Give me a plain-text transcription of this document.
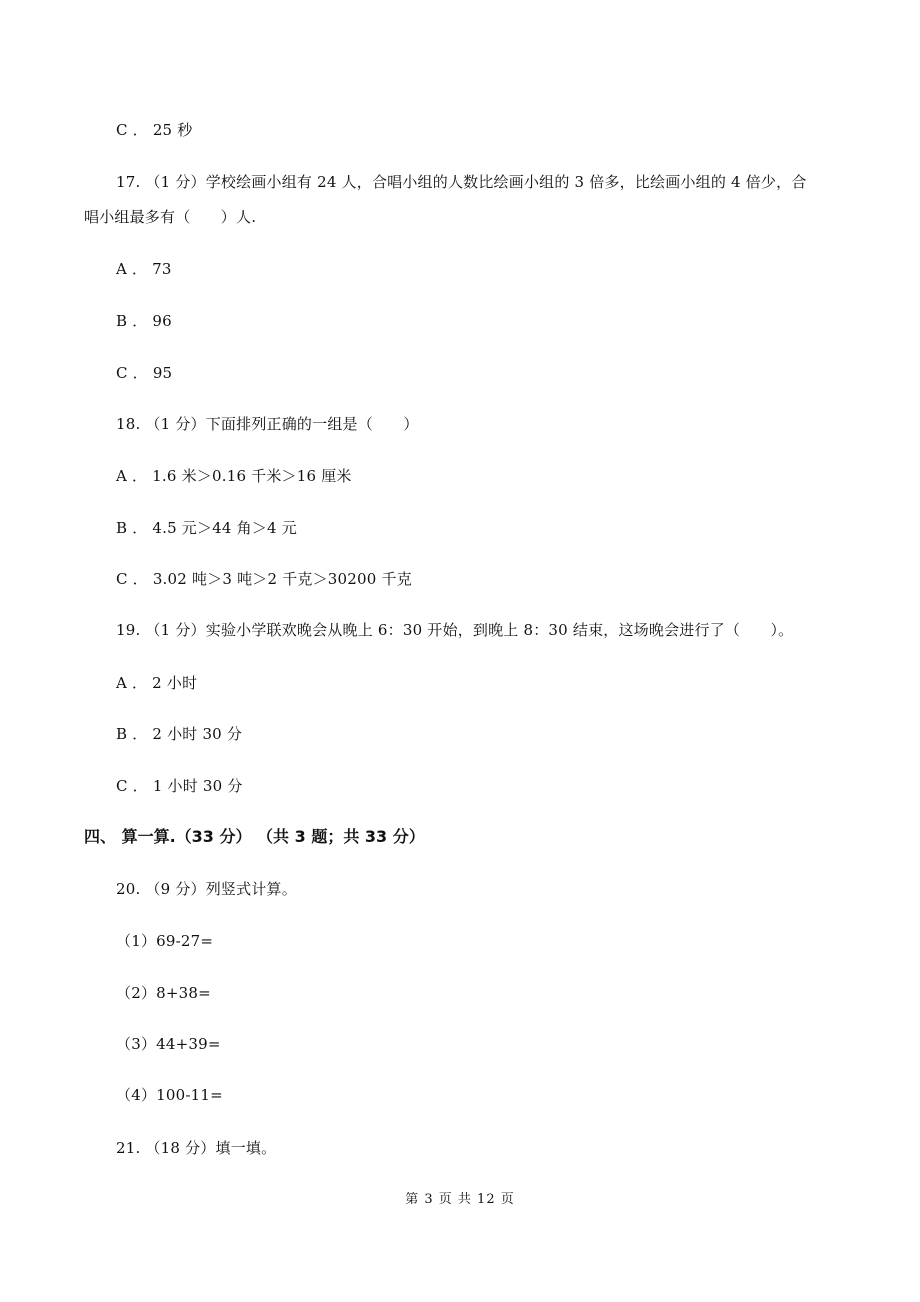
C ． 25 秒
17. （1 分）学校绘画小组有 24 人，合唱小组的人数比绘画小组的 3 倍多，比绘画小组的 4 倍少，合
唱小组最多有（　　）人.
A ． 73
B ． 96
C ． 95
18. （1 分）下面排列正确的一组是（　　）
A ． 1.6 米＞0.16 千米＞16 厘米
B ． 4.5 元＞44 角＞4 元
C ． 3.02 吨＞3 吨＞2 千克＞30200 千克
19. （1 分）实验小学联欢晚会从晚上 6：30 开始，到晚上 8：30 结束，这场晚会进行了（　　）。
A ． 2 小时
B ． 2 小时 30 分
C ． 1 小时 30 分
四、 算一算.（33 分） （共 3 题；共 33 分）
20. （9 分）列竖式计算。
（1）69-27=
（2）8+38=
（3）44+39=
（4）100-11=
21. （18 分）填一填。
第 3 页 共 12 页
